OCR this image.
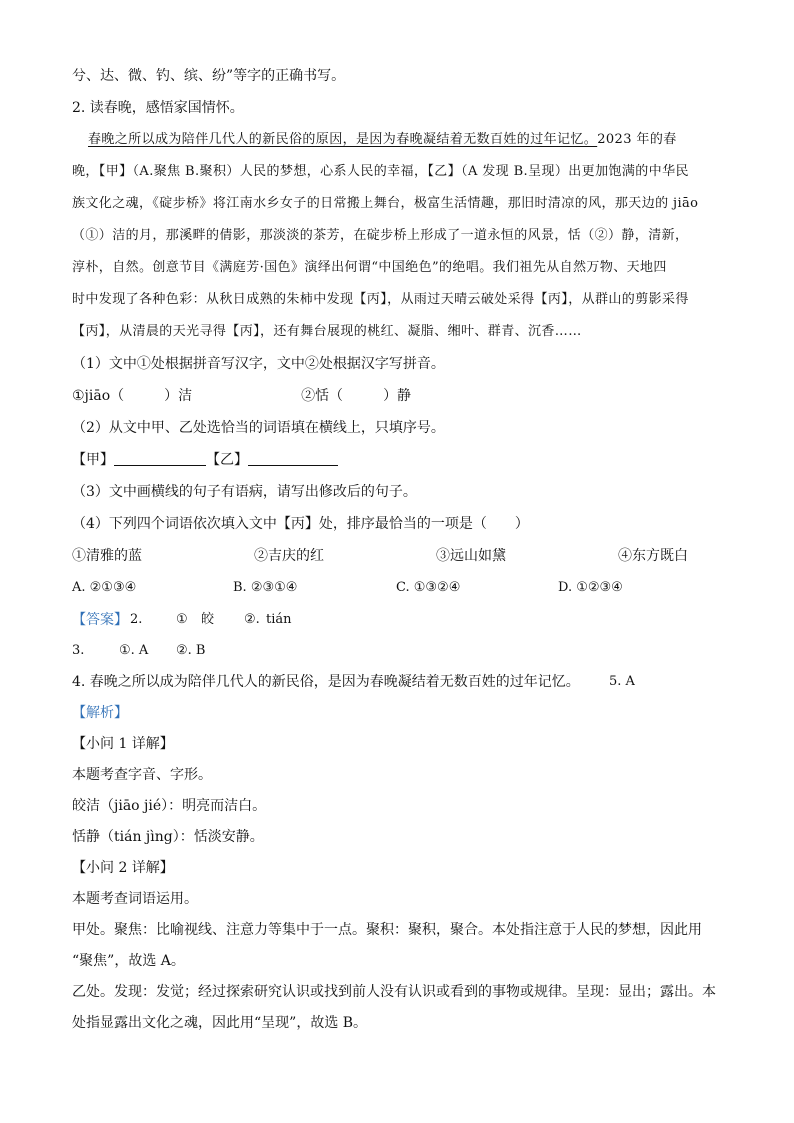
兮、达、微、钓、缤、纷”等字的正确书写。
2. 读春晚，感悟家国情怀。
春晚之所以成为陪伴几代人的新民俗的原因，是因为春晚凝结着无数百姓的过年记忆。2023 年的春
晚，【甲】（A.聚焦 B.聚积）人民的梦想，心系人民的幸福，【乙】（A 发现 B.呈现）出更加饱满的中华民
族文化之魂，《碇步桥》将江南水乡女子的日常搬上舞台，极富生活情趣，那旧时清凉的风，那天边的 jiāo
（①）洁的月，那溪畔的倩影，那淡淡的茶芳，在碇步桥上形成了一道永恒的风景，恬（②）静，清新，
淳朴，自然。创意节目《满庭芳·国色》演绎出何谓“中国绝色”的绝唱。我们祖先从自然万物、天地四
时中发现了各种色彩：从秋日成熟的朱柿中发现【丙】，从雨过天晴云破处采得【丙】，从群山的剪影采得
【丙】，从清晨的天光寻得【丙】，还有舞台展现的桃红、凝脂、缃叶、群青、沉香……
（1）文中①处根据拼音写汉字，文中②处根据汉字写拼音。
①jiāo（	）洁	②恬（	）静
（2）从文中甲、乙处选恰当的词语填在横线上，只填序号。
【甲】	【乙】
（3）文中画横线的句子有语病，请写出修改后的句子。
（4）下列四个词语依次填入文中【丙】处，排序最恰当的一项是（　　）
①清雅的蓝	②吉庆的红	③远山如黛	④东方既白
A. ②①③④	B. ②③①④	C. ①③②④	D. ①②③④
【答案】 2.	① 皎 ②. tián
3.	①. A ②. B
4. 春晚之所以成为陪伴几代人的新民俗，是因为春晚凝结着无数百姓的过年记忆。 5. A
【解析】
【小问 1 详解】
本题考查字音、字形。
皎洁（jiāo jié）：明亮而洁白。
恬静（tián jìng）：恬淡安静。
【小问 2 详解】
本题考查词语运用。
甲处。聚焦：比喻视线、注意力等集中于一点。聚积：聚积，聚合。本处指注意于人民的梦想，因此用
“聚焦”，故选 A。
乙处。发现：发觉；经过探索研究认识或找到前人没有认识或看到的事物或规律。呈现：显出；露出。本
处指显露出文化之魂，因此用“呈现”，故选 B。
